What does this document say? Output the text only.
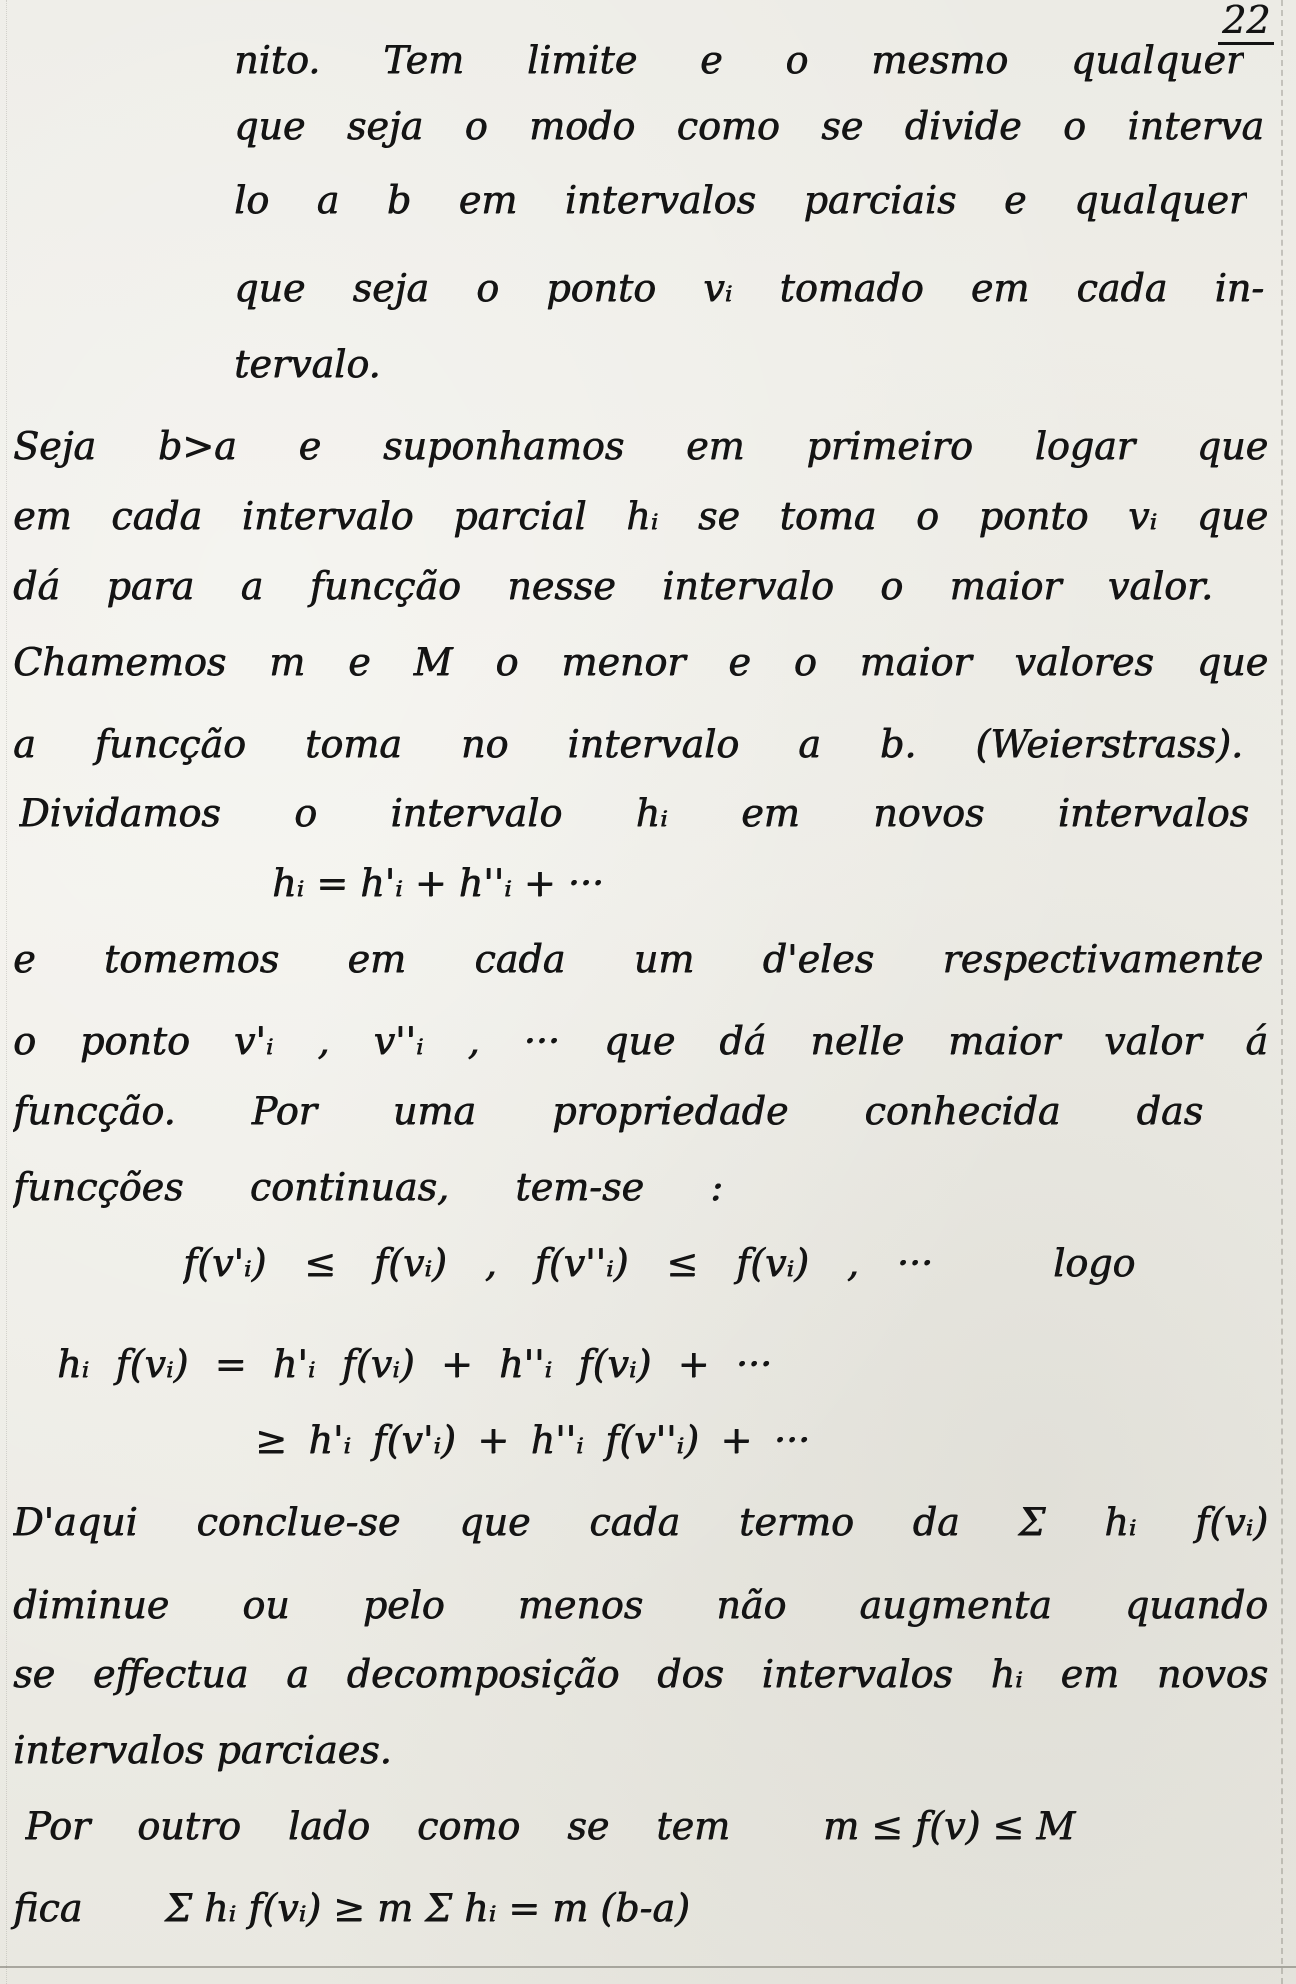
22
nito. Tem limite e o mesmo qualquer
que seja o modo como se divide o interva
lo a b em intervalos parciais e qualquer
que seja o ponto vᵢ tomado em cada in-
tervalo.
Seja b>a e suponhamos em primeiro logar que
em cada intervalo parcial hᵢ se toma o ponto vᵢ que
dá para a funcção nesse intervalo o maior valor.
Chamemos m e M o menor e o maior valores que
a funcção toma no intervalo a b. (Weierstrass).
Dividamos o intervalo hᵢ em novos intervalos
hᵢ = h'ᵢ + h''ᵢ + ···
e tomemos em cada um d'eles respectivamente
o ponto v'ᵢ , v''ᵢ , ··· que dá nelle maior valor á
funcção. Por uma propriedade conhecida das
funcções continuas, tem-se :
f(v'ᵢ) ≤ f(vᵢ) , f(v''ᵢ) ≤ f(vᵢ) , ···	logo
hᵢ f(vᵢ) = h'ᵢ f(vᵢ) + h''ᵢ f(vᵢ) + ···
≥ h'ᵢ f(v'ᵢ) + h''ᵢ f(v''ᵢ) + ···
D'aqui conclue-se que cada termo da Σ hᵢ f(vᵢ)
diminue ou pelo menos não augmenta quando
se effectua a decomposição dos intervalos hᵢ em novos
intervalos parciaes.
Por outro lado como se tem m ≤ f(v) ≤ M
fica Σ hᵢ f(vᵢ) ≥ m Σ hᵢ = m (b-a)
